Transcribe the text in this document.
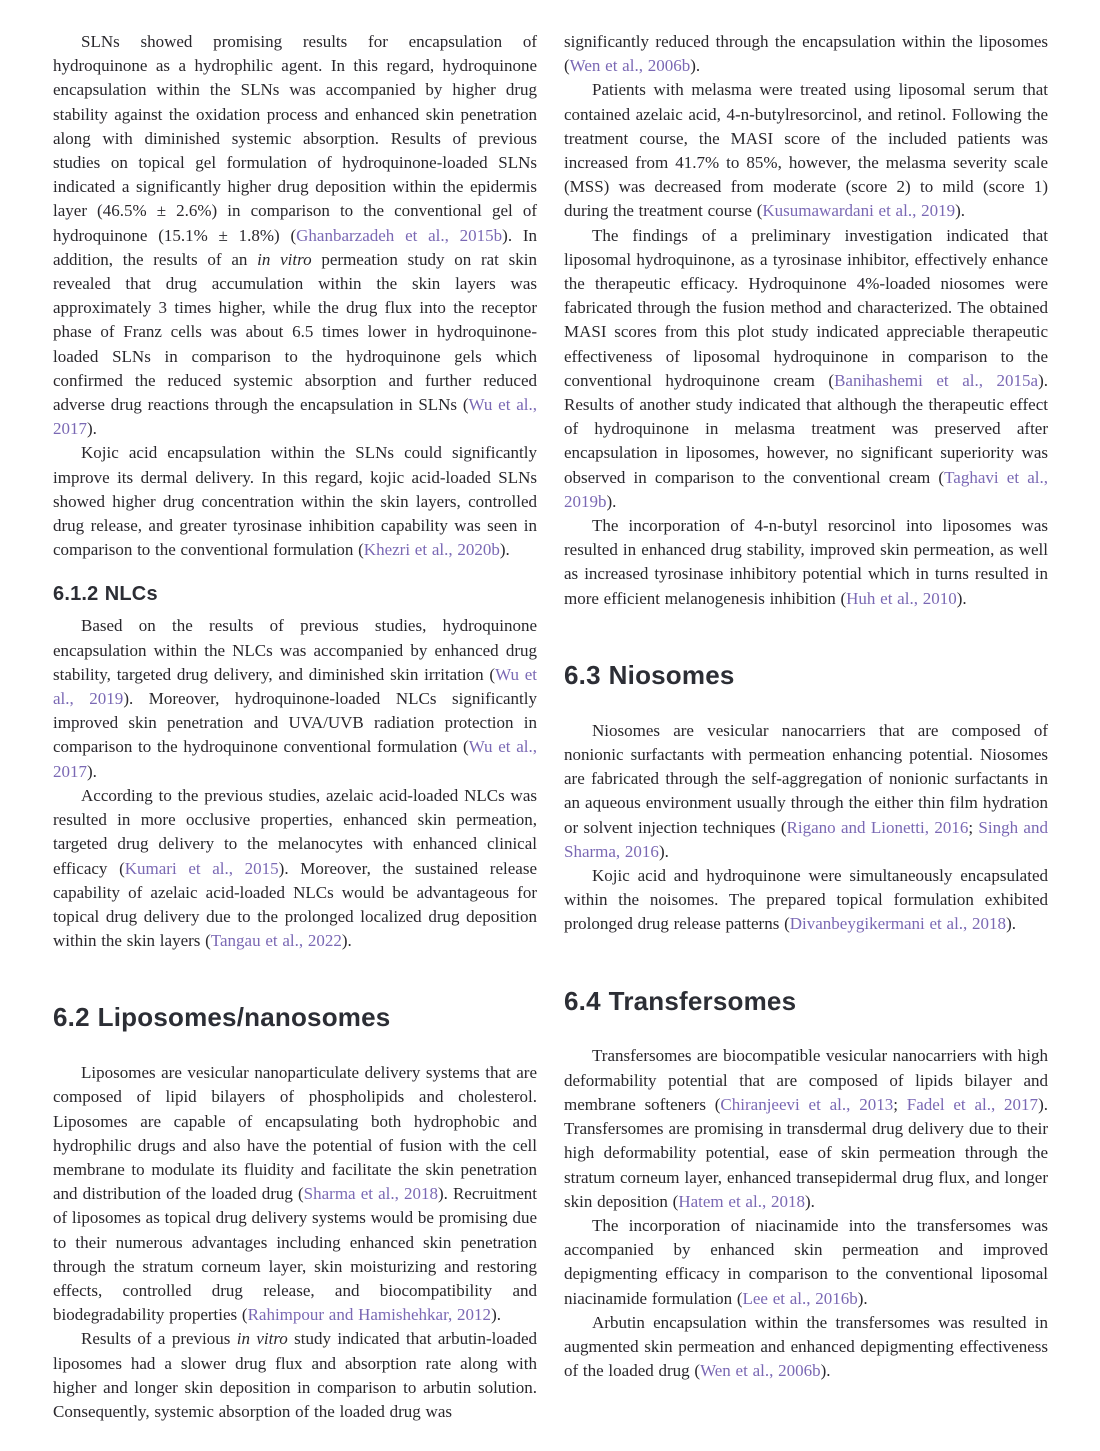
SLNs showed promising results for encapsulation of hydroquinone as a hydrophilic agent. In this regard, hydroquinone encapsulation within the SLNs was accompanied by higher drug stability against the oxidation process and enhanced skin penetration along with diminished systemic absorption. Results of previous studies on topical gel formulation of hydroquinone-loaded SLNs indicated a significantly higher drug deposition within the epidermis layer (46.5% ± 2.6%) in comparison to the conventional gel of hydroquinone (15.1% ± 1.8%) (Ghanbarzadeh et al., 2015b). In addition, the results of an in vitro permeation study on rat skin revealed that drug accumulation within the skin layers was approximately 3 times higher, while the drug flux into the receptor phase of Franz cells was about 6.5 times lower in hydroquinone-loaded SLNs in comparison to the hydroquinone gels which confirmed the reduced systemic absorption and further reduced adverse drug reactions through the encapsulation in SLNs (Wu et al., 2017).

Kojic acid encapsulation within the SLNs could significantly improve its dermal delivery. In this regard, kojic acid-loaded SLNs showed higher drug concentration within the skin layers, controlled drug release, and greater tyrosinase inhibition capability was seen in comparison to the conventional formulation (Khezri et al., 2020b).

6.1.2 NLCs

Based on the results of previous studies, hydroquinone encapsulation within the NLCs was accompanied by enhanced drug stability, targeted drug delivery, and diminished skin irritation (Wu et al., 2019). Moreover, hydroquinone-loaded NLCs significantly improved skin penetration and UVA/UVB radiation protection in comparison to the hydroquinone conventional formulation (Wu et al., 2017).

According to the previous studies, azelaic acid-loaded NLCs was resulted in more occlusive properties, enhanced skin permeation, targeted drug delivery to the melanocytes with enhanced clinical efficacy (Kumari et al., 2015). Moreover, the sustained release capability of azelaic acid-loaded NLCs would be advantageous for topical drug delivery due to the prolonged localized drug deposition within the skin layers (Tangau et al., 2022).

6.2 Liposomes/nanosomes

Liposomes are vesicular nanoparticulate delivery systems that are composed of lipid bilayers of phospholipids and cholesterol. Liposomes are capable of encapsulating both hydrophobic and hydrophilic drugs and also have the potential of fusion with the cell membrane to modulate its fluidity and facilitate the skin penetration and distribution of the loaded drug (Sharma et al., 2018). Recruitment of liposomes as topical drug delivery systems would be promising due to their numerous advantages including enhanced skin penetration through the stratum corneum layer, skin moisturizing and restoring effects, controlled drug release, and biocompatibility and biodegradability properties (Rahimpour and Hamishehkar, 2012).

Results of a previous in vitro study indicated that arbutin-loaded liposomes had a slower drug flux and absorption rate along with higher and longer skin deposition in comparison to arbutin solution. Consequently, systemic absorption of the loaded drug was

significantly reduced through the encapsulation within the liposomes (Wen et al., 2006b).

Patients with melasma were treated using liposomal serum that contained azelaic acid, 4-n-butylresorcinol, and retinol. Following the treatment course, the MASI score of the included patients was increased from 41.7% to 85%, however, the melasma severity scale (MSS) was decreased from moderate (score 2) to mild (score 1) during the treatment course (Kusumawardani et al., 2019).

The findings of a preliminary investigation indicated that liposomal hydroquinone, as a tyrosinase inhibitor, effectively enhance the therapeutic efficacy. Hydroquinone 4%-loaded niosomes were fabricated through the fusion method and characterized. The obtained MASI scores from this plot study indicated appreciable therapeutic effectiveness of liposomal hydroquinone in comparison to the conventional hydroquinone cream (Banihashemi et al., 2015a). Results of another study indicated that although the therapeutic effect of hydroquinone in melasma treatment was preserved after encapsulation in liposomes, however, no significant superiority was observed in comparison to the conventional cream (Taghavi et al., 2019b).

The incorporation of 4-n-butyl resorcinol into liposomes was resulted in enhanced drug stability, improved skin permeation, as well as increased tyrosinase inhibitory potential which in turns resulted in more efficient melanogenesis inhibition (Huh et al., 2010).

6.3 Niosomes

Niosomes are vesicular nanocarriers that are composed of nonionic surfactants with permeation enhancing potential. Niosomes are fabricated through the self-aggregation of nonionic surfactants in an aqueous environment usually through the either thin film hydration or solvent injection techniques (Rigano and Lionetti, 2016; Singh and Sharma, 2016).

Kojic acid and hydroquinone were simultaneously encapsulated within the noisomes. The prepared topical formulation exhibited prolonged drug release patterns (Divanbeygikermani et al., 2018).

6.4 Transfersomes

Transfersomes are biocompatible vesicular nanocarriers with high deformability potential that are composed of lipids bilayer and membrane softeners (Chiranjeevi et al., 2013; Fadel et al., 2017). Transfersomes are promising in transdermal drug delivery due to their high deformability potential, ease of skin permeation through the stratum corneum layer, enhanced transepidermal drug flux, and longer skin deposition (Hatem et al., 2018).

The incorporation of niacinamide into the transfersomes was accompanied by enhanced skin permeation and improved depigmenting efficacy in comparison to the conventional liposomal niacinamide formulation (Lee et al., 2016b).

Arbutin encapsulation within the transfersomes was resulted in augmented skin permeation and enhanced depigmenting effectiveness of the loaded drug (Wen et al., 2006b).
